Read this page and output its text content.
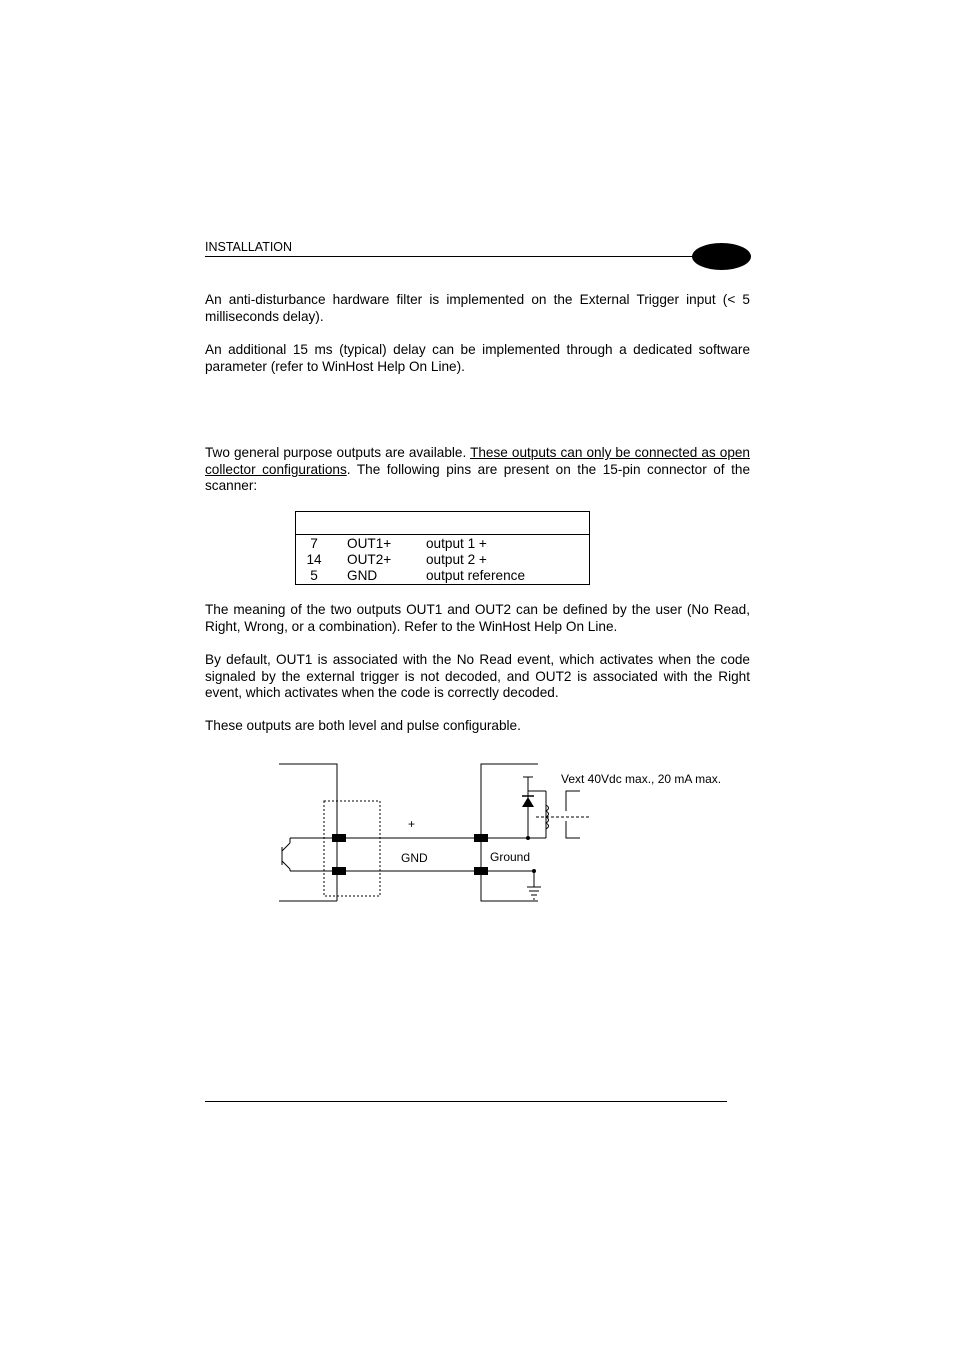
INSTALLATION

An anti-disturbance hardware filter is implemented on the External Trigger input (< 5 milliseconds delay).

An additional 15 ms (typical) delay can be implemented through a dedicated software parameter (refer to WinHost Help On Line).

Two general purpose outputs are available. These outputs can only be connected as open collector configurations. The following pins are present on the 15-pin connector of the scanner:

7	OUT1+	output 1 +
14	OUT2+	output 2 +
5	GND	output reference

The meaning of the two outputs OUT1 and OUT2 can be defined by the user (No Read, Right, Wrong, or a combination). Refer to the WinHost Help On Line.

By default, OUT1 is associated with the No Read event, which activates when the code signaled by the external trigger is not decoded, and OUT2 is associated with the Right event, which activates when the code is correctly decoded.

These outputs are both level and pulse configurable.

+
GND	Ground
Vext 40Vdc max., 20 mA max.
